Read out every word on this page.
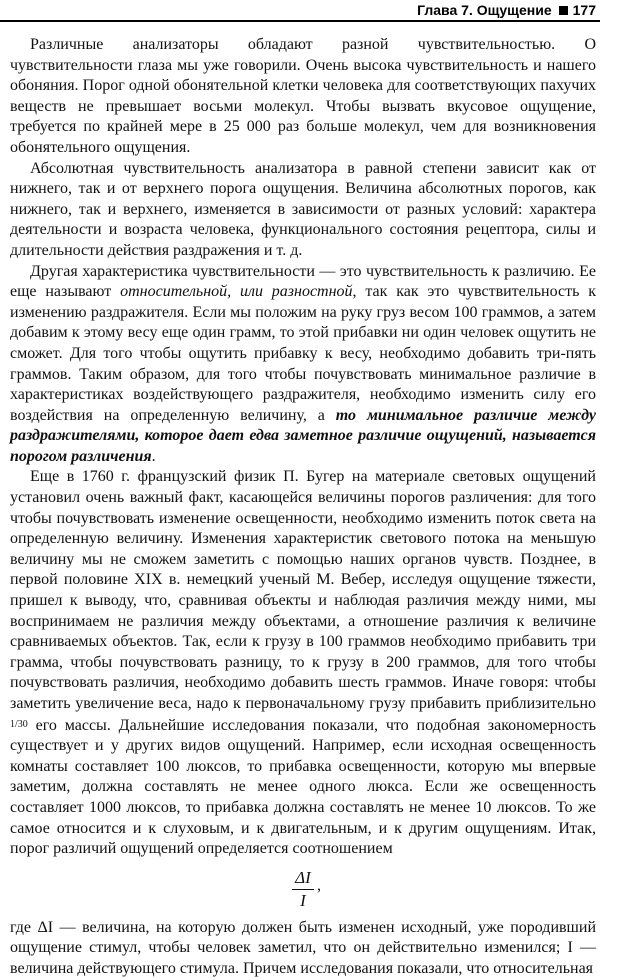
Глава 7. Ощущение 177

Различные анализаторы обладают разной чувствительностью. О чувствительности глаза мы уже говорили. Очень высока чувствительность и нашего обоняния. Порог одной обонятельной клетки человека для соответствующих пахучих веществ не превышает восьми молекул. Чтобы вызвать вкусовое ощущение, требуется по крайней мере в 25 000 раз больше молекул, чем для возникновения обонятельного ощущения.

Абсолютная чувствительность анализатора в равной степени зависит как от нижнего, так и от верхнего порога ощущения. Величина абсолютных порогов, как нижнего, так и верхнего, изменяется в зависимости от разных условий: характера деятельности и возраста человека, функционального состояния рецептора, силы и длительности действия раздражения и т. д.

Другая характеристика чувствительности — это чувствительность к различию. Ее еще называют относительной, или разностной, так как это чувствительность к изменению раздражителя. Если мы положим на руку груз весом 100 граммов, а затем добавим к этому весу еще один грамм, то этой прибавки ни один человек ощутить не сможет. Для того чтобы ощутить прибавку к весу, необходимо добавить три-пять граммов. Таким образом, для того чтобы почувствовать минимальное различие в характеристиках воздействующего раздражителя, необходимо изменить силу его воздействия на определенную величину, а то минимальное различие между раздражителями, которое дает едва заметное различие ощущений, называется порогом различения.

Еще в 1760 г. французский физик П. Бугер на материале световых ощущений установил очень важный факт, касающейся величины порогов различения: для того чтобы почувствовать изменение освещенности, необходимо изменить поток света на определенную величину. Изменения характеристик светового потока на меньшую величину мы не сможем заметить с помощью наших органов чувств. Позднее, в первой половине XIX в. немецкий ученый М. Вебер, исследуя ощущение тяжести, пришел к выводу, что, сравнивая объекты и наблюдая различия между ними, мы воспринимаем не различия между объектами, а отношение различия к величине сравниваемых объектов. Так, если к грузу в 100 граммов необходимо прибавить три грамма, чтобы почувствовать разницу, то к грузу в 200 граммов, для того чтобы почувствовать различия, необходимо добавить шесть граммов. Иначе говоря: чтобы заметить увеличение веса, надо к первоначальному грузу прибавить приблизительно 1/30 его массы. Дальнейшие исследования показали, что подобная закономерность существует и у других видов ощущений. Например, если исходная освещенность комнаты составляет 100 люксов, то прибавка освещенности, которую мы впервые заметим, должна составлять не менее одного люкса. Если же освещенность составляет 1000 люксов, то прибавка должна составлять не менее 10 люксов. То же самое относится и к слуховым, и к двигательным, и к другим ощущениям. Итак, порог различий ощущений определяется соотношением

$\frac{\Delta I}{I}$ ,

где ΔI — величина, на которую должен быть изменен исходный, уже породивший ощущение стимул, чтобы человек заметил, что он действительно изменился; I — величина действующего стимула. Причем исследования показали, что относительная
